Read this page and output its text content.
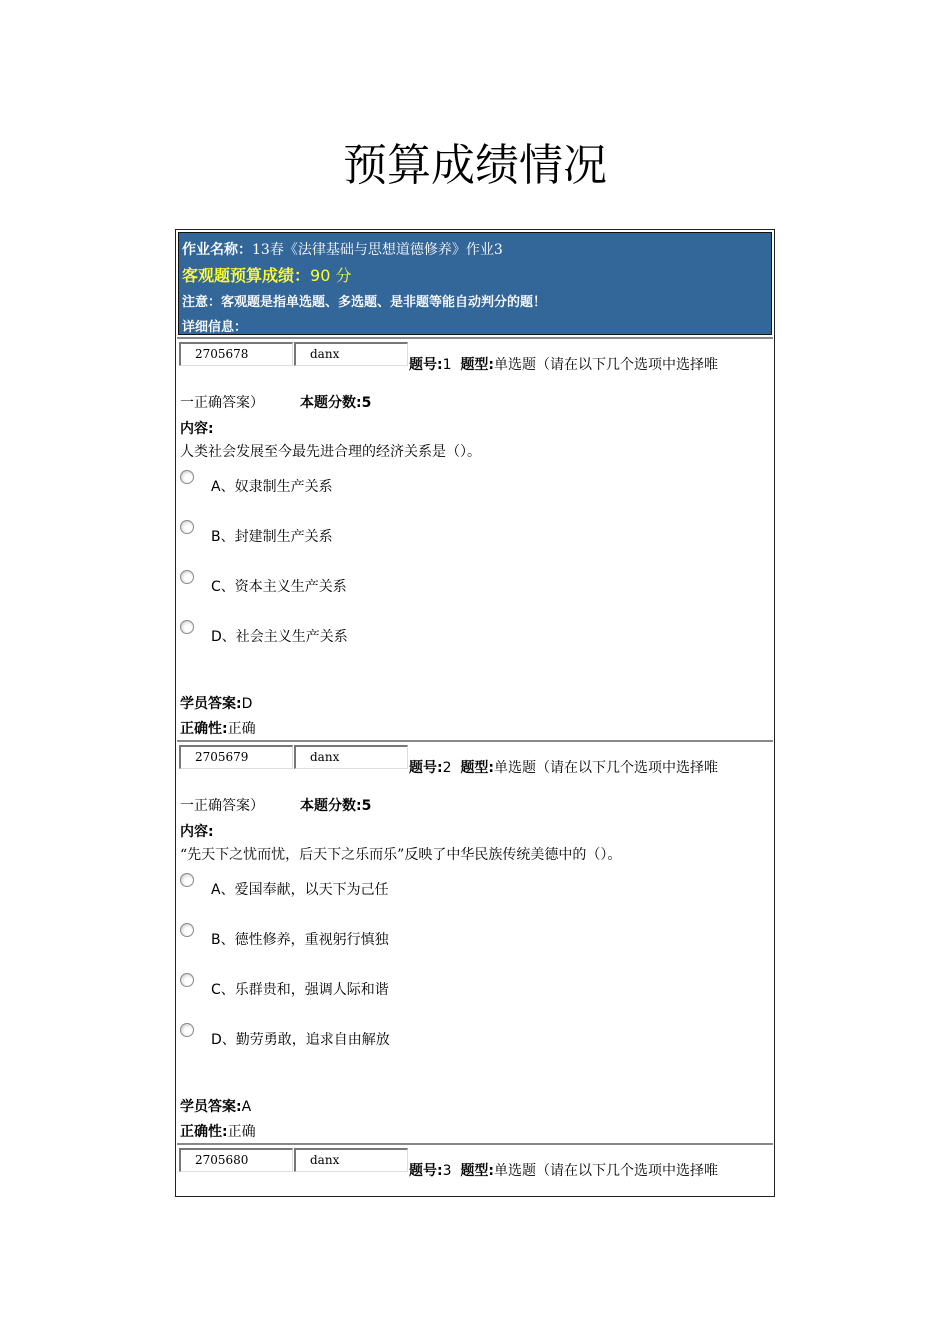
预算成绩情况
作业名称：13春《法律基础与思想道德修养》作业3
客观题预算成绩：90 分
注意：客观题是指单选题、多选题、是非题等能自动判分的题！
详细信息：
2705678	danx
题号:1 题型:单选题（请在以下几个选项中选择唯
一正确答案）	本题分数:5
内容:
人类社会发展至今最先进合理的经济关系是（）。
A、奴隶制生产关系
B、封建制生产关系
C、资本主义生产关系
D、社会主义生产关系
学员答案:D
正确性:正确
2705679	danx
题号:2 题型:单选题（请在以下几个选项中选择唯
一正确答案）	本题分数:5
内容:
“先天下之忧而忧，后天下之乐而乐”反映了中华民族传统美德中的（）。
A、爱国奉献，以天下为己任
B、德性修养，重视躬行慎独
C、乐群贵和，强调人际和谐
D、勤劳勇敢，追求自由解放
学员答案:A
正确性:正确
2705680	danx
题号:3 题型:单选题（请在以下几个选项中选择唯
